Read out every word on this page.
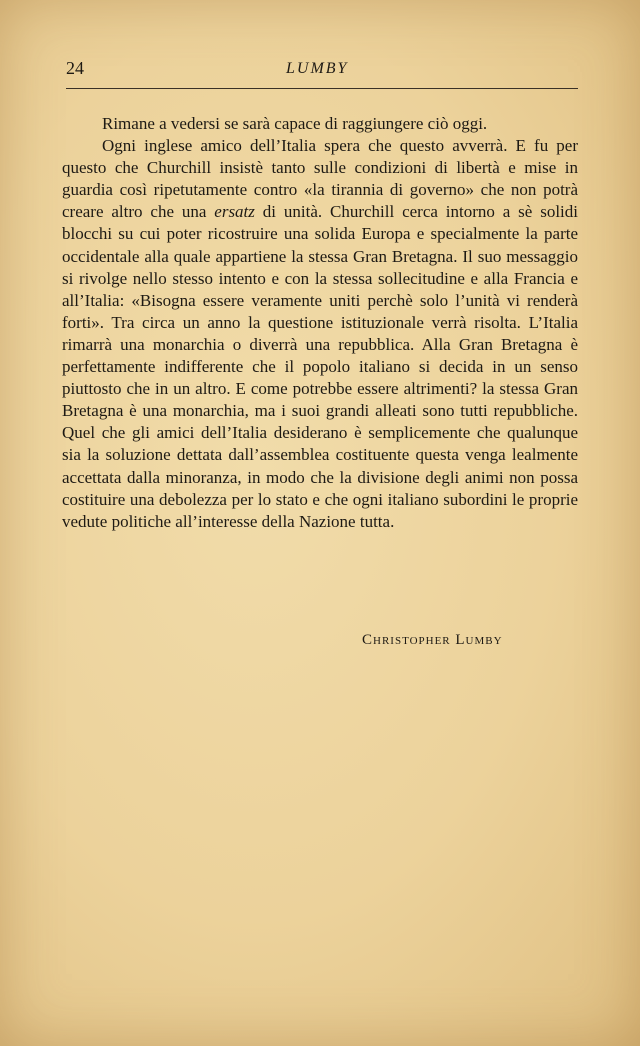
24	LUMBY

Rimane a vedersi se sarà capace di raggiungere ciò oggi.

Ogni inglese amico dell’Italia spera che questo avverrà. E fu per questo che Churchill insistè tanto sulle condizioni di libertà e mise in guardia così ripetutamente contro «la tirannia di governo» che non potrà creare altro che una ersatz di unità. Churchill cerca intorno a sè solidi blocchi su cui poter ricostruire una solida Europa e specialmente la parte occidentale alla quale appartiene la stessa Gran Bretagna. Il suo messaggio si rivolge nello stesso intento e con la stessa sollecitudine e alla Francia e all’Italia: «Bisogna essere veramente uniti perchè solo l’unità vi renderà forti». Tra circa un anno la questione istituzionale verrà risolta. L’Italia rimarrà una monarchia o diverrà una repubblica. Alla Gran Bretagna è perfettamente indifferente che il popolo italiano si decida in un senso piuttosto che in un altro. E come potrebbe essere altrimenti? la stessa Gran Bretagna è una monarchia, ma i suoi grandi alleati sono tutti repubbliche. Quel che gli amici dell’Italia desiderano è semplicemente che qualunque sia la soluzione dettata dall’assemblea costituente questa venga lealmente accettata dalla minoranza, in modo che la divisione degli animi non possa costituire una debolezza per lo stato e che ogni italiano subordini le proprie vedute politiche all’interesse della Nazione tutta.

Christopher Lumby
